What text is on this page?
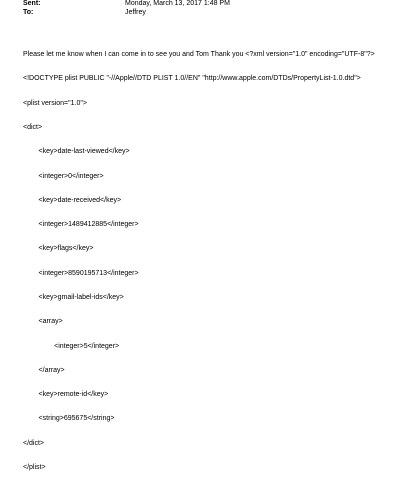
Sent:	Monday, March 13, 2017 1:48 PM
To:	Jeffrey

Please let me know when I can come in to see you and Tom Thank you <?xml version="1.0" encoding="UTF-8"?>

<!DOCTYPE plist PUBLIC "-//Apple//DTD PLIST 1.0//EN" "http://www.apple.com/DTDs/PropertyList-1.0.dtd">

<plist version="1.0">

<dict>

<key>date-last-viewed</key>

<integer>0</integer>

<key>date-received</key>

<integer>1489412885</integer>

<key>flags</key>

<integer>8590195713</integer>

<key>gmail-label-ids</key>

<array>

<integer>5</integer>

</array>

<key>remote-id</key>

<string>695675</string>

</dict>

</plist>
